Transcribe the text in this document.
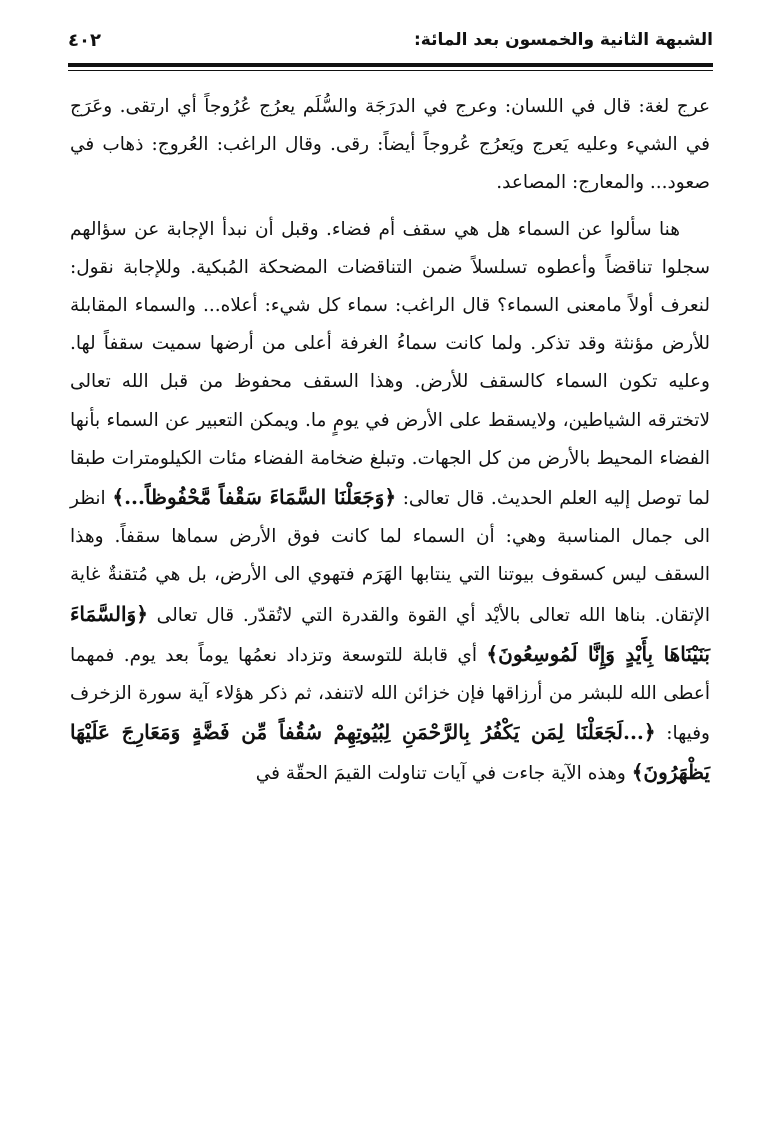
الشبهة الثانية والخمسون بعد المائة:
٤٠٢

عرج لغة: قال في اللسان: وعرج في الدرَجَة والسُّلَم يعرُج عُرُوجاً أي ارتقى. وعَرَج في الشيء وعليه يَعرج ويَعرُج عُروجاً أيضاً: رقى. وقال الراغب: العُروج: ذهاب في صعود... والمعارج: المصاعد.

هنا سألوا عن السماء هل هي سقف أم فضاء. وقبل أن نبدأ الإجابة عن سؤالهم سجلوا تناقضاً وأعطوه تسلسلاً ضمن التناقضات المضحكة المُبكية. وللإجابة نقول: لنعرف أولاً مامعنى السماء؟ قال الراغب: سماء كل شيء: أعلاه... والسماء المقابلة للأرض مؤنثة وقد تذكر. ولما كانت سماءُ الغرفة أعلى من أرضها سميت سقفاً لها. وعليه تكون السماء كالسقف للأرض. وهذا السقف محفوظ من قبل الله تعالى لاتخترقه الشياطين، ولايسقط على الأرض في يومٍ ما. ويمكن التعبير عن السماء بأنها الفضاء المحيط بالأرض من كل الجهات. وتبلغ ضخامة الفضاء مئات الكيلومترات طبقا لما توصل إليه العلم الحديث. قال تعالى: ﴿وَجَعَلْنَا السَّمَاءَ سَقْفاً مَّحْفُوظاً...﴾ انظر الى جمال المناسبة وهي: أن السماء لما كانت فوق الأرض سماها سقفاً. وهذا السقف ليس كسقوف بيوتنا التي ينتابها الهَرَم فتهوي الى الأرض، بل هي مُتقنةٌ غاية الإتقان. بناها الله تعالى بالأيْد أي القوة والقدرة التي لاتُقدّر. قال تعالى ﴿وَالسَّمَاءَ بَنَيْنَاهَا بِأَيْدٍ وَإِنَّا لَمُوسِعُونَ﴾ أي قابلة للتوسعة وتزداد نعمُها يوماً بعد يوم. فمهما أعطى الله للبشر من أرزاقها فإن خزائن الله لاتنفد، ثم ذكر هؤلاء آية سورة الزخرف وفيها: ﴿...لَجَعَلْنَا لِمَن يَكْفُرُ بِالرَّحْمَنِ لِبُيُوتِهِمْ سُقُفاً مِّن فَضَّةٍ وَمَعَارِجَ عَلَيْهَا يَظْهَرُونَ﴾ وهذه الآية جاءت في آيات تناولت القيمَ الحقّة في
